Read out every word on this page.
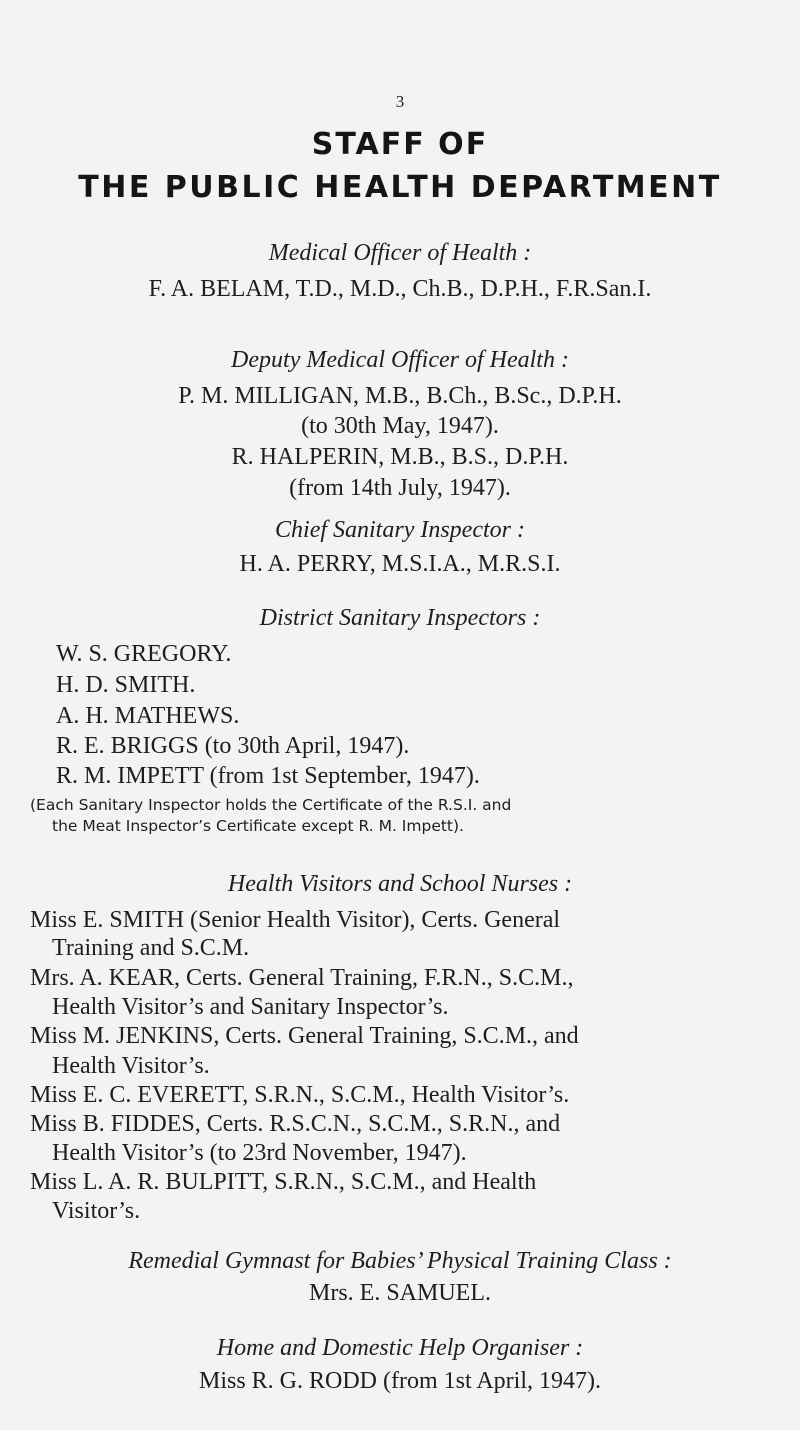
3
STAFF OF
THE PUBLIC HEALTH DEPARTMENT
Medical Officer of Health :
F. A. BELAM, T.D., M.D., Ch.B., D.P.H., F.R.San.I.
Deputy Medical Officer of Health :
P. M. MILLIGAN, M.B., B.Ch., B.Sc., D.P.H.
(to 30th May, 1947).
R. HALPERIN, M.B., B.S., D.P.H.
(from 14th July, 1947).
Chief Sanitary Inspector :
H. A. PERRY, M.S.I.A., M.R.S.I.
District Sanitary Inspectors :
W. S. GREGORY.
H. D. SMITH.
A. H. MATHEWS.
R. E. BRIGGS (to 30th April, 1947).
R. M. IMPETT (from 1st September, 1947).
(Each Sanitary Inspector holds the Certificate of the R.S.I. and
the Meat Inspector’s Certificate except R. M. Impett).
Health Visitors and School Nurses :
Miss E. SMITH (Senior Health Visitor), Certs. General
Training and S.C.M.
Mrs. A. KEAR, Certs. General Training, F.R.N., S.C.M.,
Health Visitor’s and Sanitary Inspector’s.
Miss M. JENKINS, Certs. General Training, S.C.M., and
Health Visitor’s.
Miss E. C. EVERETT, S.R.N., S.C.M., Health Visitor’s.
Miss B. FIDDES, Certs. R.S.C.N., S.C.M., S.R.N., and
Health Visitor’s (to 23rd November, 1947).
Miss L. A. R. BULPITT, S.R.N., S.C.M., and Health
Visitor’s.
Remedial Gymnast for Babies’ Physical Training Class :
Mrs. E. SAMUEL.
Home and Domestic Help Organiser :
Miss R. G. RODD (from 1st April, 1947).
